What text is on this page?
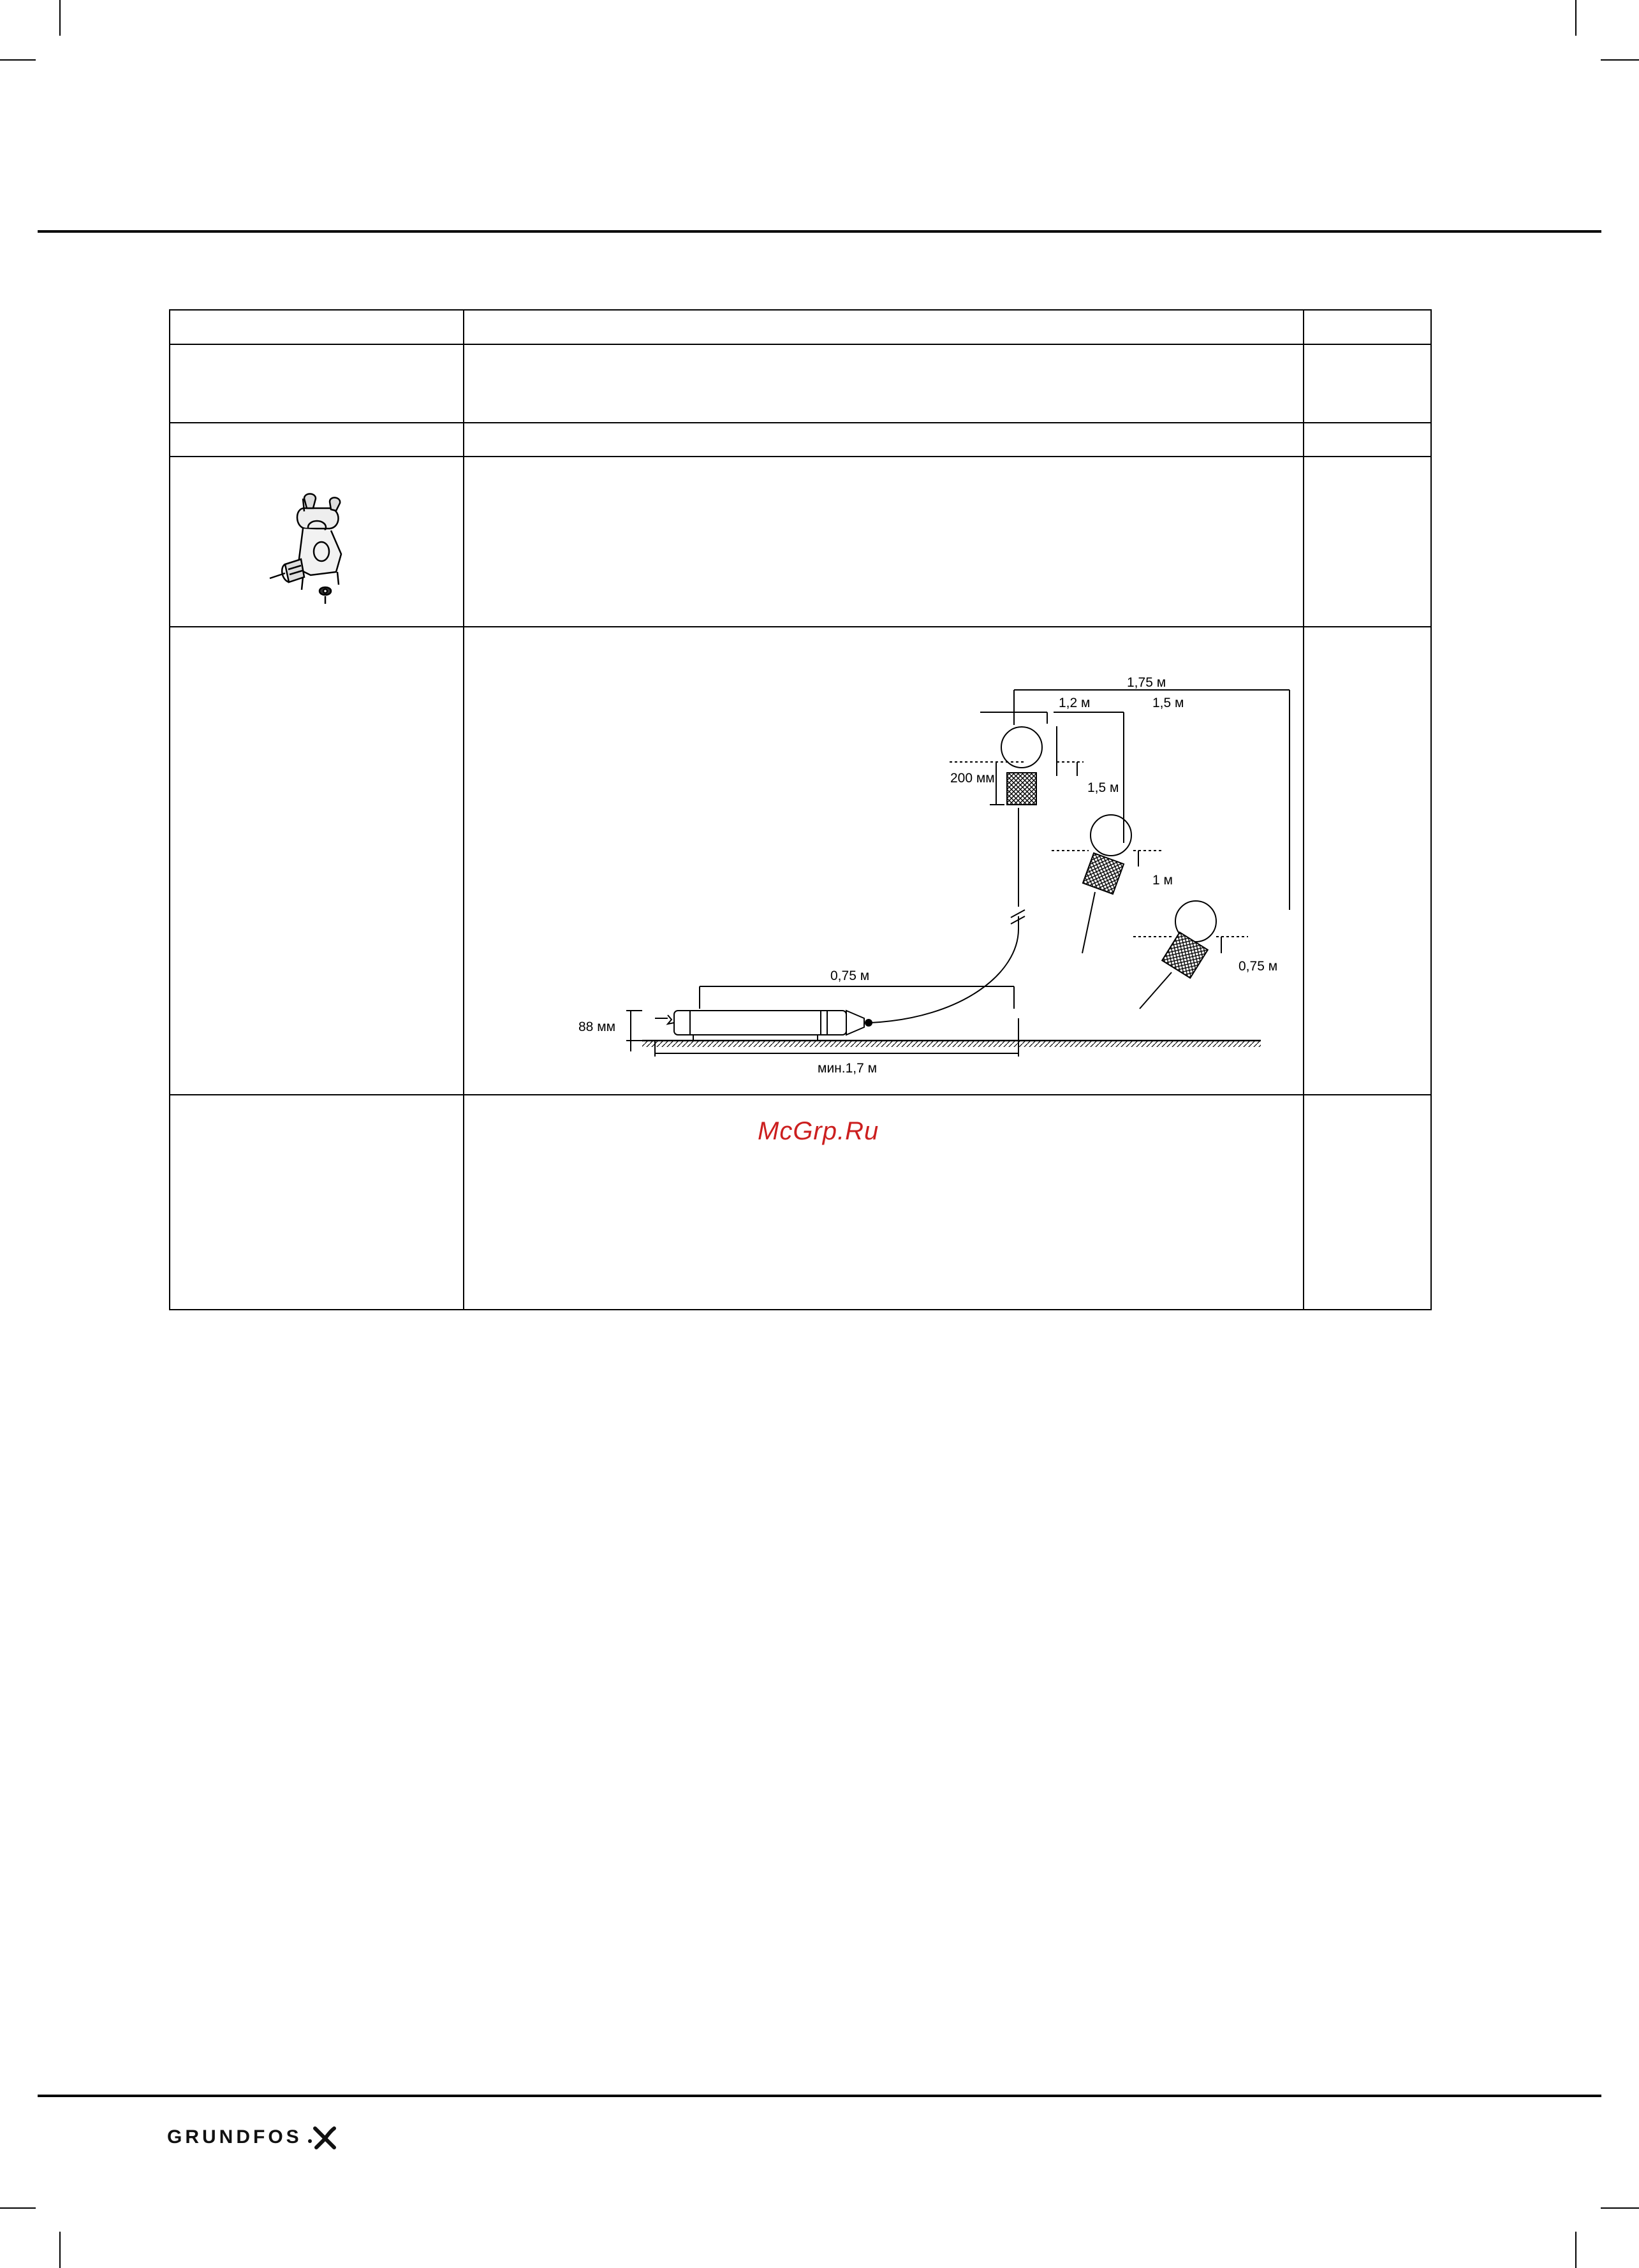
1,75 м
1,2 м	1,5 м
200 мм
1,5 м
1 м
0,75 м
0,75 м
88 мм
мин.1,7 м
McGrp.Ru
GRUNDFOS
